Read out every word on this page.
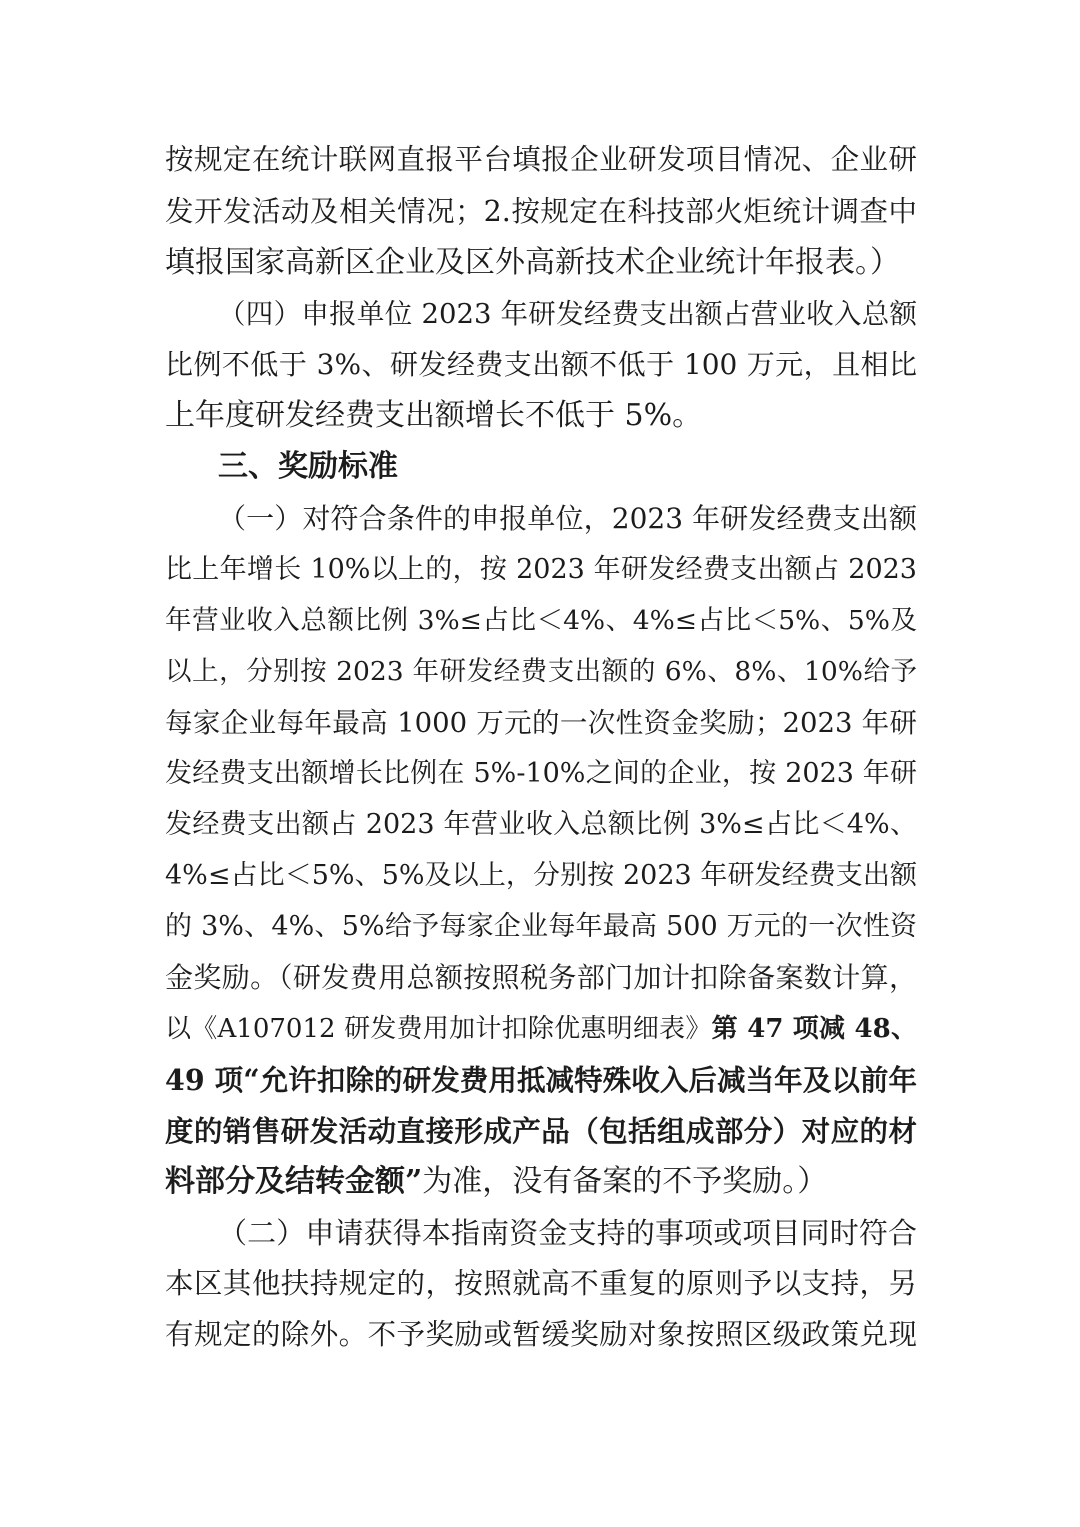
按规定在统计联网直报平台填报企业研发项目情况、企业研
发开发活动及相关情况；2.按规定在科技部火炬统计调查中
填报国家高新区企业及区外高新技术企业统计年报表。）
（四）申报单位 2023 年研发经费支出额占营业收入总额
比例不低于 3%、研发经费支出额不低于 100 万元，且相比
上年度研发经费支出额增长不低于 5%。
三、奖励标准
（一）对符合条件的申报单位，2023 年研发经费支出额
比上年增长 10%以上的，按 2023 年研发经费支出额占 2023
年营业收入总额比例 3%≤占比＜4%、4%≤占比＜5%、5%及
以上，分别按 2023 年研发经费支出额的 6%、8%、10%给予
每家企业每年最高 1000 万元的一次性资金奖励；2023 年研
发经费支出额增长比例在 5%-10%之间的企业，按 2023 年研
发经费支出额占 2023 年营业收入总额比例 3%≤占比＜4%、
4%≤占比＜5%、5%及以上，分别按 2023 年研发经费支出额
的 3%、4%、5%给予每家企业每年最高 500 万元的一次性资
金奖励。（研发费用总额按照税务部门加计扣除备案数计算，
以《A107012 研发费用加计扣除优惠明细表》第 47 项减 48、
49 项“允许扣除的研发费用抵减特殊收入后减当年及以前年
度的销售研发活动直接形成产品（包括组成部分）对应的材
料部分及结转金额”为准，没有备案的不予奖励。）
（二）申请获得本指南资金支持的事项或项目同时符合
本区其他扶持规定的，按照就高不重复的原则予以支持，另
有规定的除外。不予奖励或暂缓奖励对象按照区级政策兑现
